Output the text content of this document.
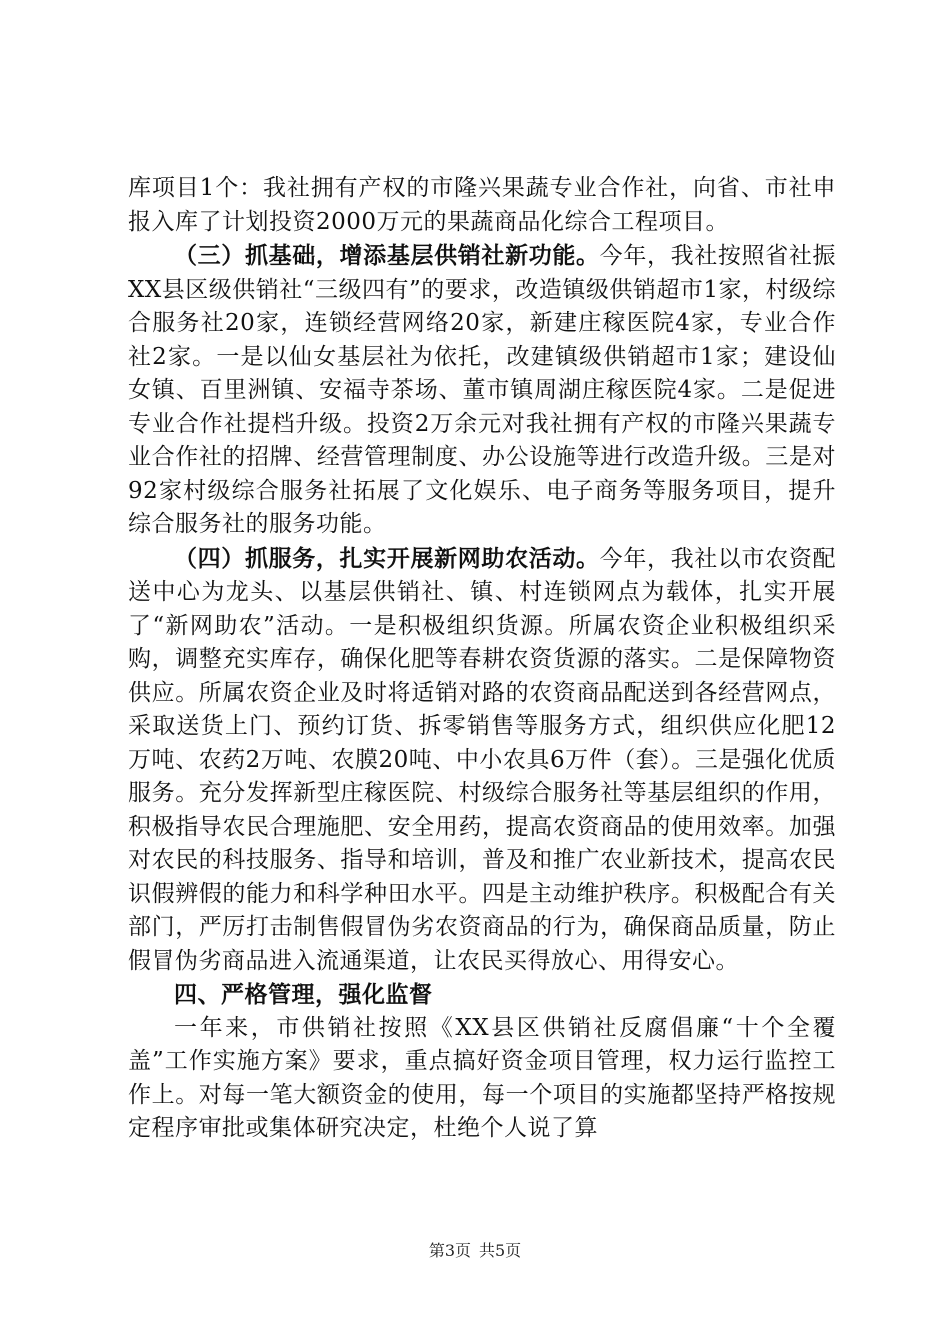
库项目1个：我社拥有产权的市隆兴果蔬专业合作社，向省、市社申报入库了计划投资2000万元的果蔬商品化综合工程项目。

（三）抓基础，增添基层供销社新功能。今年，我社按照省社振XX县区级供销社“三级四有”的要求，改造镇级供销超市1家，村级综合服务社20家，连锁经营网络20家，新建庄稼医院4家，专业合作社2家。一是以仙女基层社为依托，改建镇级供销超市1家；建设仙女镇、百里洲镇、安福寺茶场、董市镇周湖庄稼医院4家。二是促进专业合作社提档升级。投资2万余元对我社拥有产权的市隆兴果蔬专业合作社的招牌、经营管理制度、办公设施等进行改造升级。三是对92家村级综合服务社拓展了文化娱乐、电子商务等服务项目，提升综合服务社的服务功能。

（四）抓服务，扎实开展新网助农活动。今年，我社以市农资配送中心为龙头、以基层供销社、镇、村连锁网点为载体，扎实开展了“新网助农”活动。一是积极组织货源。所属农资企业积极组织采购，调整充实库存，确保化肥等春耕农资货源的落实。二是保障物资供应。所属农资企业及时将适销对路的农资商品配送到各经营网点，采取送货上门、预约订货、拆零销售等服务方式，组织供应化肥12万吨、农药2万吨、农膜20吨、中小农具6万件（套）。三是强化优质服务。充分发挥新型庄稼医院、村级综合服务社等基层组织的作用，积极指导农民合理施肥、安全用药，提高农资商品的使用效率。加强对农民的科技服务、指导和培训，普及和推广农业新技术，提高农民识假辨假的能力和科学种田水平。四是主动维护秩序。积极配合有关部门，严厉打击制售假冒伪劣农资商品的行为，确保商品质量，防止假冒伪劣商品进入流通渠道，让农民买得放心、用得安心。

四、严格管理，强化监督

一年来，市供销社按照《XX县区供销社反腐倡廉“十个全覆盖”工作实施方案》要求，重点搞好资金项目管理，权力运行监控工作上。对每一笔大额资金的使用，每一个项目的实施都坚持严格按规定程序审批或集体研究决定，杜绝个人说了算

第3页 共5页
